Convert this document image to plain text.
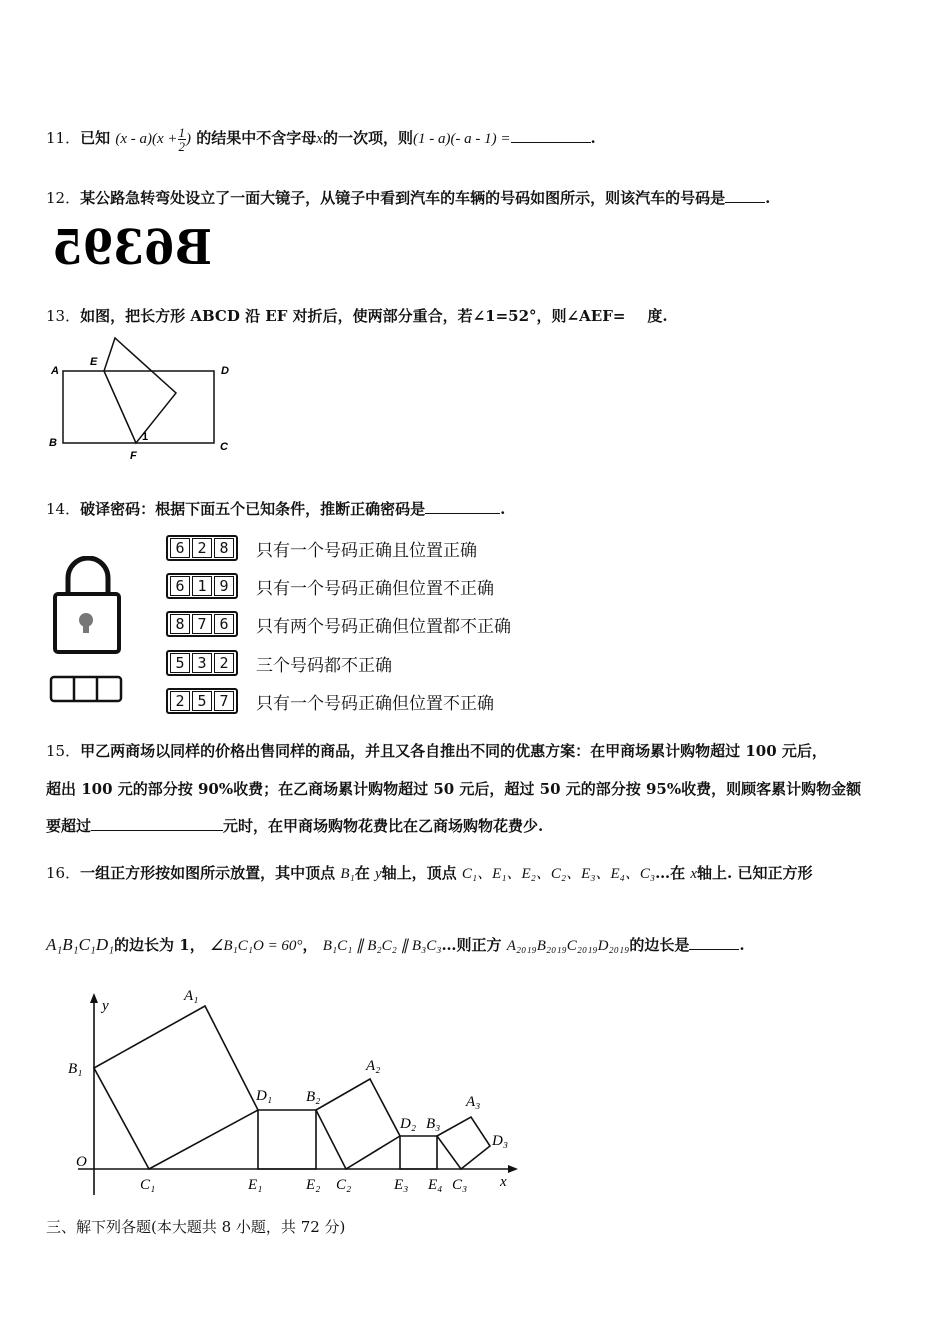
11．已知 $(x - a)(x + \frac{1}{2}$ ) 的结果中不含字母x的一次项，则(1 - a)(- a - 1) =	.
12．某公路急转弯处设立了一面大镜子，从镜子中看到汽车的车辆的号码如图所示，则该汽车的号码是	.
B6395
13．如图，把长方形 ABCD 沿 EF 对折后，使两部分重合，若∠1=52°，则∠AEF= 度.
A
E
D
B
F
C
1
14．破译密码：根据下面五个已知条件，推断正确密码是	.
6 2 8	只有一个号码正确且位置正确
6 1 9	只有一个号码正确但位置不正确
8 7 6	只有两个号码正确但位置都不正确
5 3 2	三个号码都不正确
2 5 7	只有一个号码正确但位置不正确
15．甲乙两商场以同样的价格出售同样的商品，并且又各自推出不同的优惠方案：在甲商场累计购物超过 100 元后，
超出 100 元的部分按 90%收费；在乙商场累计购物超过 50 元后，超过 50 元的部分按 95%收费，则顾客累计购物金额
要超过	元时，在甲商场购物花费比在乙商场购物花费少.
16．一组正方形按如图所示放置，其中顶点 B₁在 y轴上，顶点 C₁、E₁、E₂、C₂、E₃、E₄、C₃…在 x轴上. 已知正方形
A₁B₁C₁D₁的边长为 1， ∠B₁C₁O = 60°， B₁C₁ ∥ B₂C₂ ∥ B₃C₃…则正方 A₂₀₁₉B₂₀₁₉C₂₀₁₉D₂₀₁₉的边长是	.
y
x
O
A₁
B₁
C₁
D₁
E₁	E₂
B₂
A₂
C₂
D₂ B₃
E₃ E₄ C₃
A₃
D₃
三、解下列各题(本大题共 8 小题，共 72 分)
